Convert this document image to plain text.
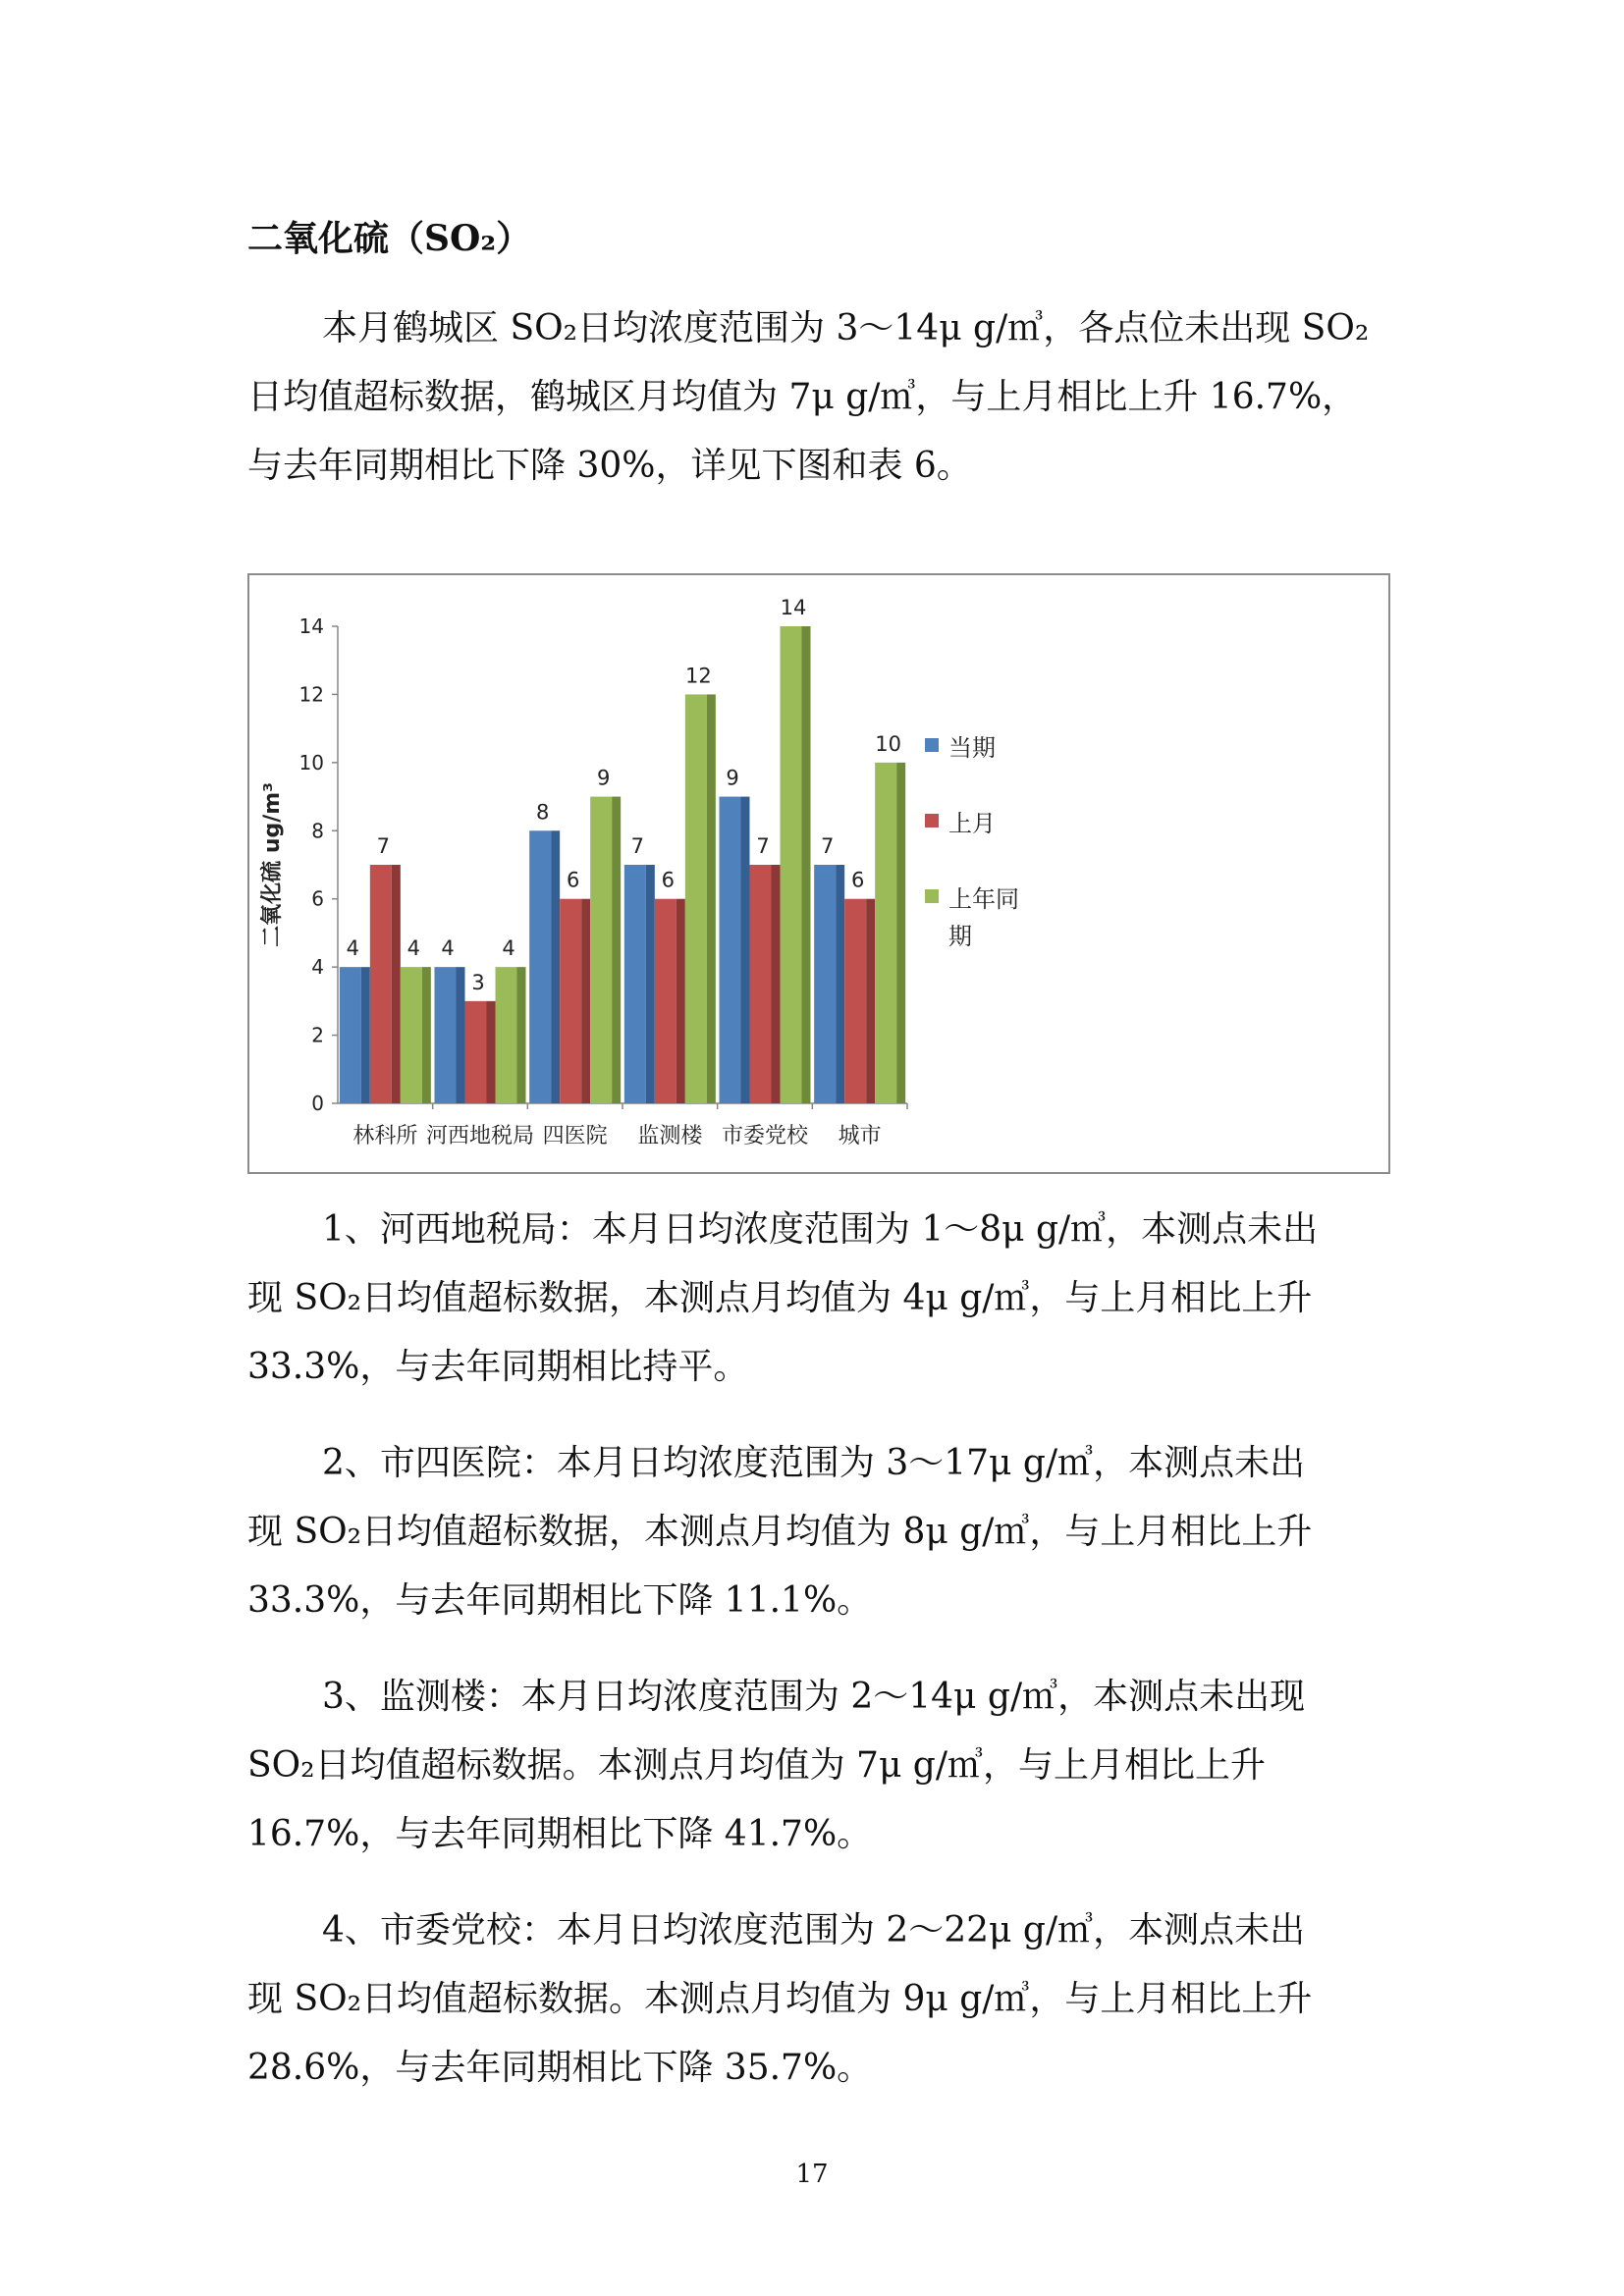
二氧化硫（SO₂）

本月鹤城区 SO₂日均浓度范围为 3～14μ g/㎥，各点位未出现 SO₂
日均值超标数据，鹤城区月均值为 7μ g/㎥，与上月相比上升 16.7%，
与去年同期相比下降 30%，详见下图和表 6。

0
2
4
6
8
10
12
14
二氧化硫 ug/m³
4
7
4
林科所
4
3
4
河西地税局
8
6
9
四医院
7
6
12
监测楼
9
7
14
市委党校
7
6
10
城市
当期
上月
上年同
期

1、河西地税局：本月日均浓度范围为 1～8μ g/㎥，本测点未出
现 SO₂日均值超标数据，本测点月均值为 4μ g/㎥，与上月相比上升
33.3%，与去年同期相比持平。

2、市四医院：本月日均浓度范围为 3～17μ g/㎥，本测点未出
现 SO₂日均值超标数据，本测点月均值为 8μ g/㎥，与上月相比上升
33.3%，与去年同期相比下降 11.1%。

3、监测楼：本月日均浓度范围为 2～14μ g/㎥，本测点未出现
SO₂日均值超标数据。本测点月均值为 7μ g/㎥，与上月相比上升
16.7%，与去年同期相比下降 41.7%。

4、市委党校：本月日均浓度范围为 2～22μ g/㎥，本测点未出
现 SO₂日均值超标数据。本测点月均值为 9μ g/㎥，与上月相比上升
28.6%，与去年同期相比下降 35.7%。

17
